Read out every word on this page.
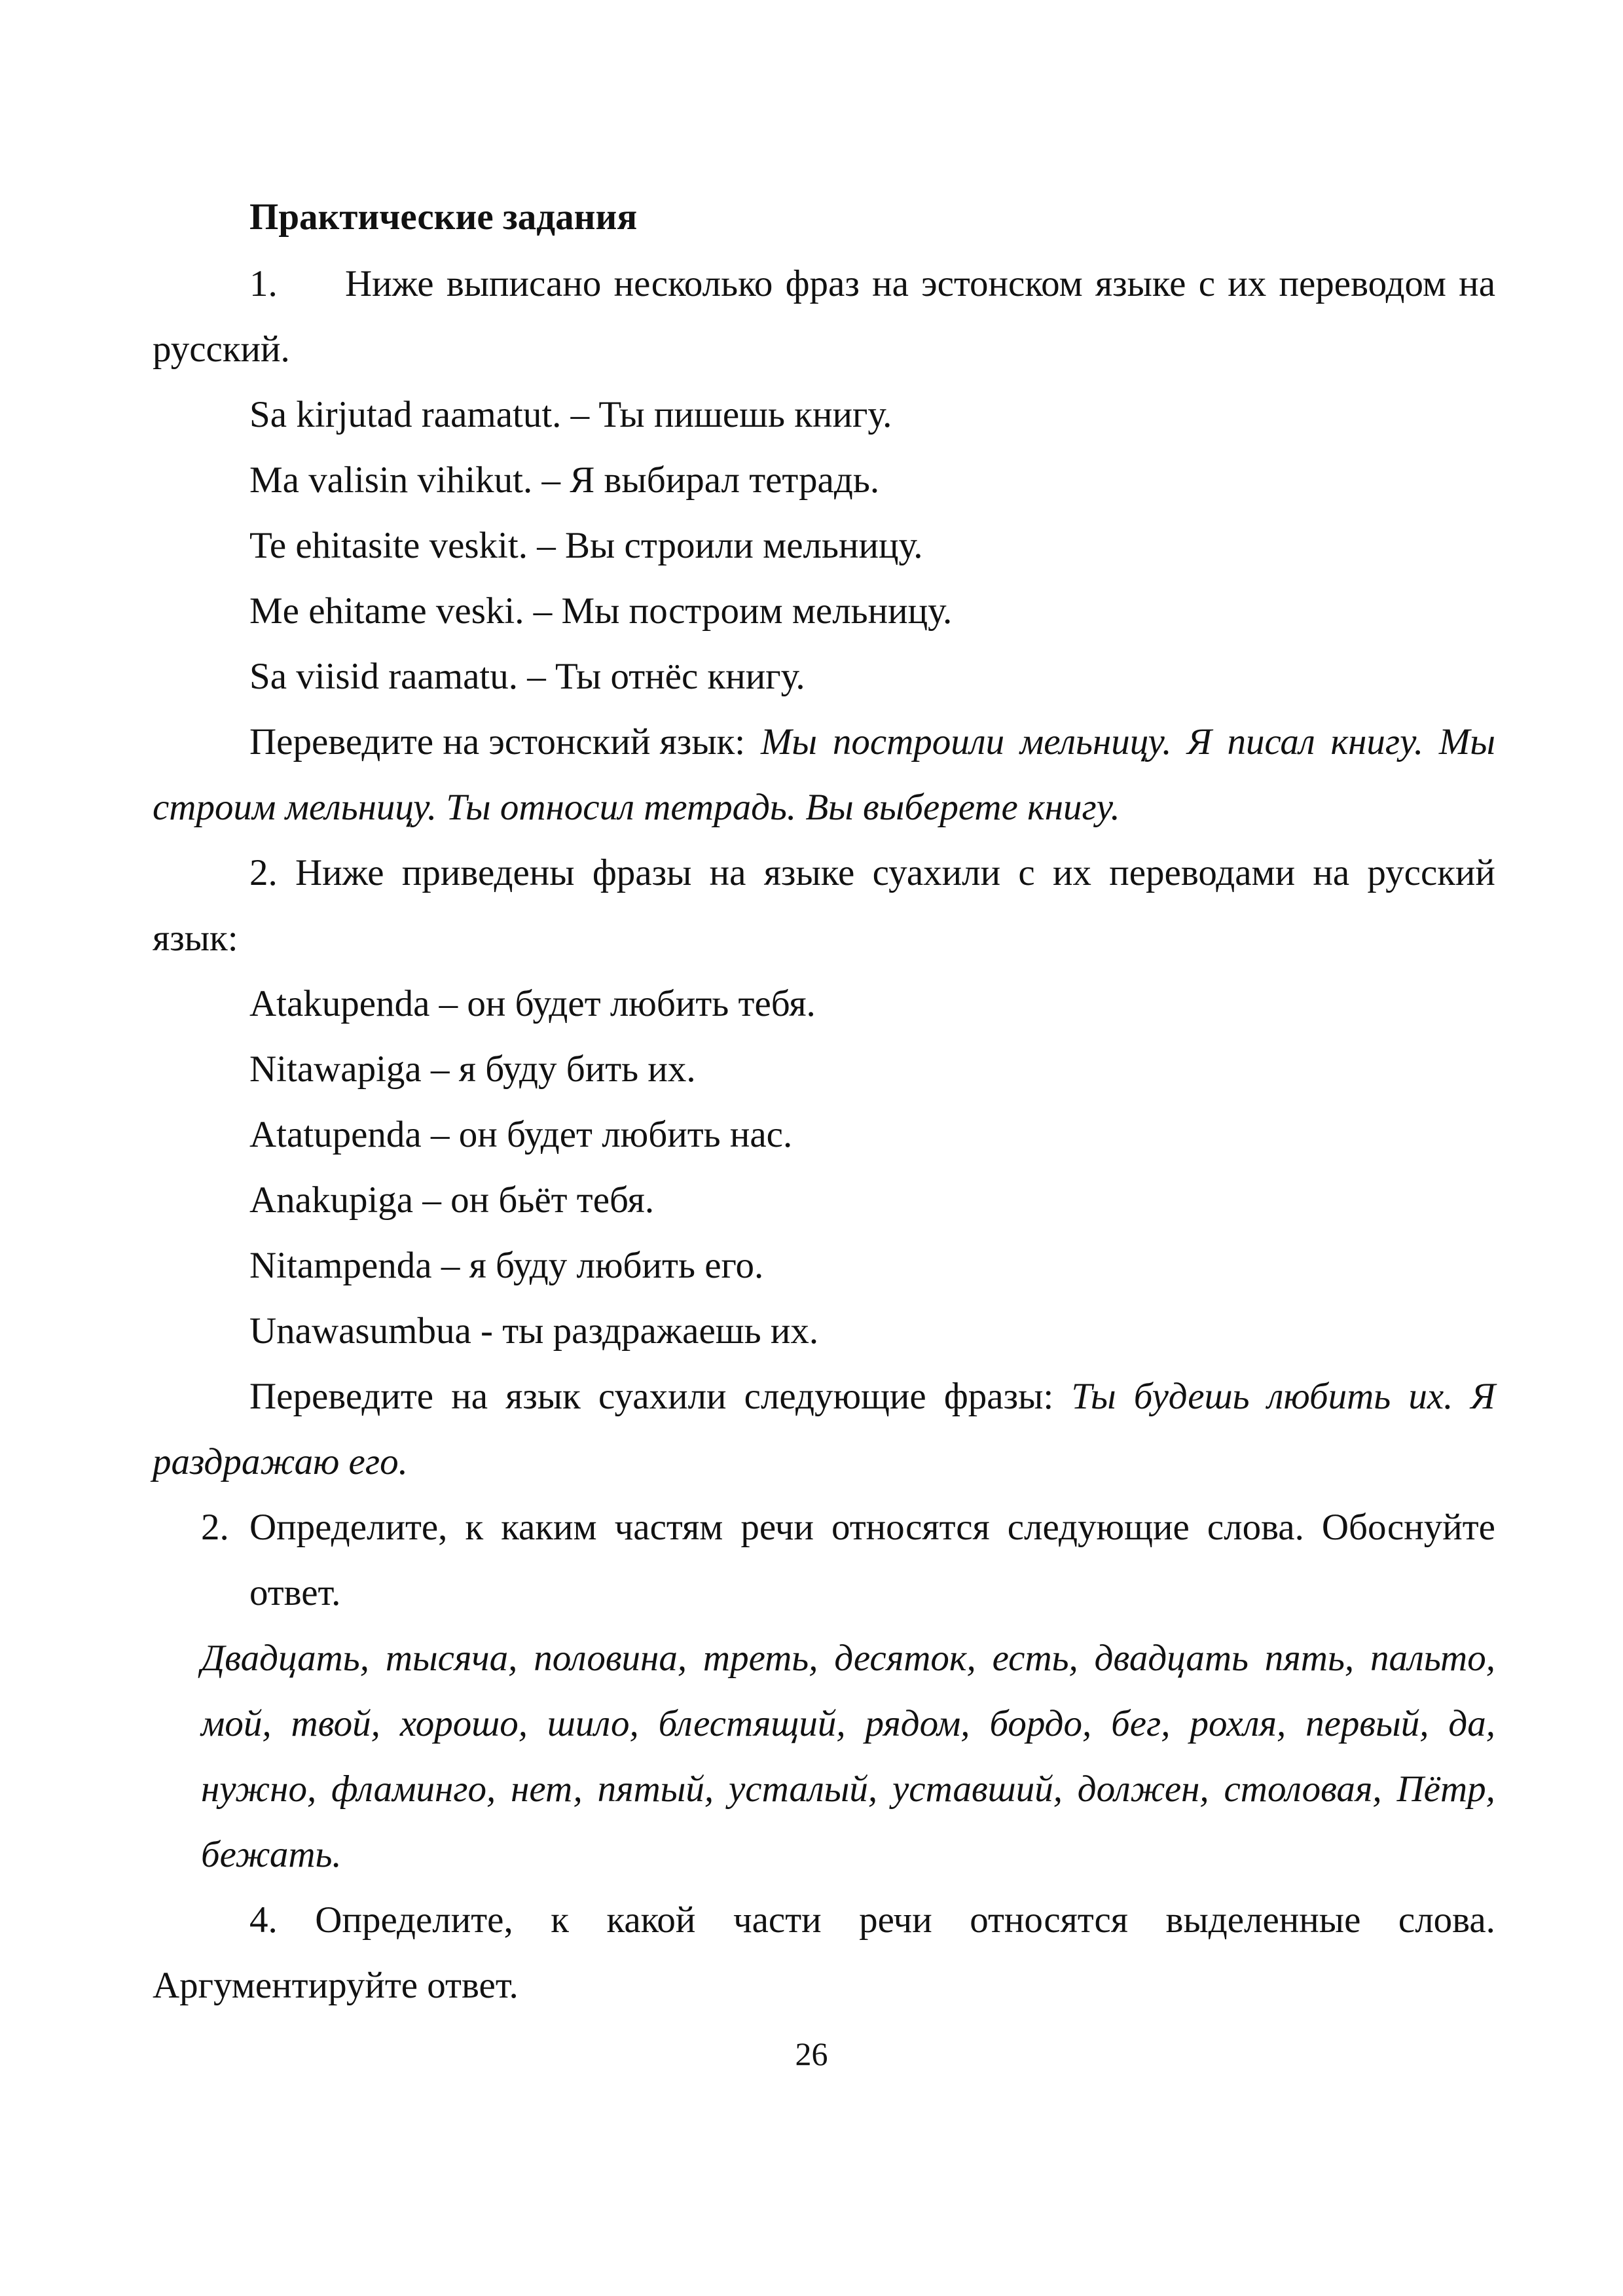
Практические задания
1. Ниже выписано несколько фраз на эстонском языке с их переводом на
русский.
Sa kirjutad raamatut. – Ты пишешь книгу.
Ma valisin vihikut. – Я выбирал тетрадь.
Te ehitasite veskit. – Вы строили мельницу.
Me ehitame veski. – Мы построим мельницу.
Sa viisid raamatu. – Ты отнёс книгу.
Переведите на эстонский язык: Мы построили мельницу. Я писал книгу. Мы
строим мельницу. Ты относил тетрадь. Вы выберете книгу.
2. Ниже приведены фразы на языке суахили с их переводами на русский
язык:
Atakupenda – он будет любить тебя.
Nitawapiga – я буду бить их.
Atatupenda – он будет любить нас.
Anakupiga – он бьёт тебя.
Nitampenda – я буду любить его.
Unawasumbua - ты раздражаешь их.
Переведите на язык суахили следующие фразы: Ты будешь любить их. Я
раздражаю его.
2. Определите, к каким частям речи относятся следующие слова. Обоснуйте
ответ.
Двадцать, тысяча, половина, треть, десяток, есть, двадцать пять, пальто,
мой, твой, хорошо, шило, блестящий, рядом, бордо, бег, рохля, первый, да,
нужно, фламинго, нет, пятый, усталый, уставший, должен, столовая, Пётр,
бежать.
4. Определите, к какой части речи относятся выделенные слова.
Аргументируйте ответ.
26
